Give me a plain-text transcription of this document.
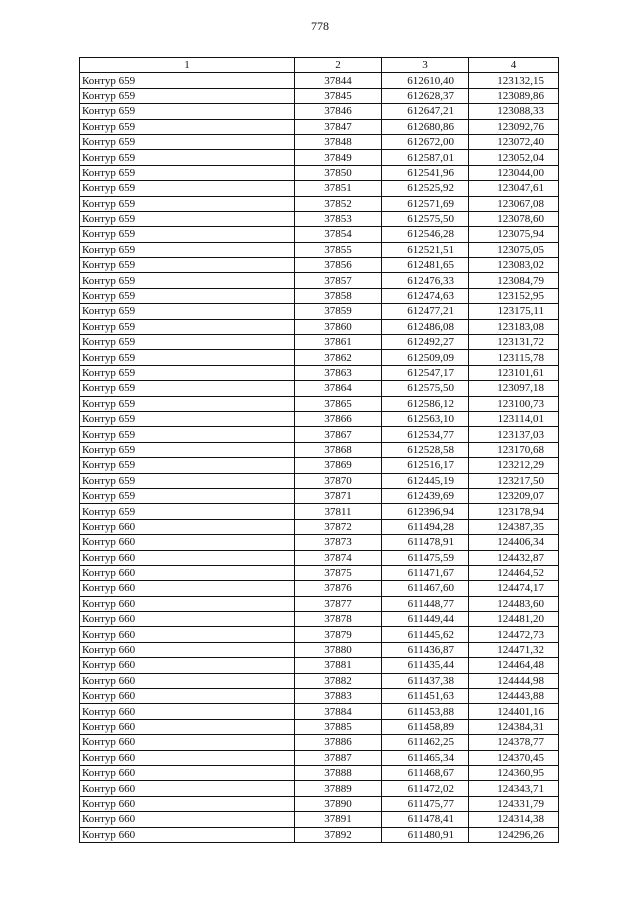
778
1	2	3	4
Контур 659	37844	612610,40	123132,15
Контур 659	37845	612628,37	123089,86
Контур 659	37846	612647,21	123088,33
Контур 659	37847	612680,86	123092,76
Контур 659	37848	612672,00	123072,40
Контур 659	37849	612587,01	123052,04
Контур 659	37850	612541,96	123044,00
Контур 659	37851	612525,92	123047,61
Контур 659	37852	612571,69	123067,08
Контур 659	37853	612575,50	123078,60
Контур 659	37854	612546,28	123075,94
Контур 659	37855	612521,51	123075,05
Контур 659	37856	612481,65	123083,02
Контур 659	37857	612476,33	123084,79
Контур 659	37858	612474,63	123152,95
Контур 659	37859	612477,21	123175,11
Контур 659	37860	612486,08	123183,08
Контур 659	37861	612492,27	123131,72
Контур 659	37862	612509,09	123115,78
Контур 659	37863	612547,17	123101,61
Контур 659	37864	612575,50	123097,18
Контур 659	37865	612586,12	123100,73
Контур 659	37866	612563,10	123114,01
Контур 659	37867	612534,77	123137,03
Контур 659	37868	612528,58	123170,68
Контур 659	37869	612516,17	123212,29
Контур 659	37870	612445,19	123217,50
Контур 659	37871	612439,69	123209,07
Контур 659	37811	612396,94	123178,94
Контур 660	37872	611494,28	124387,35
Контур 660	37873	611478,91	124406,34
Контур 660	37874	611475,59	124432,87
Контур 660	37875	611471,67	124464,52
Контур 660	37876	611467,60	124474,17
Контур 660	37877	611448,77	124483,60
Контур 660	37878	611449,44	124481,20
Контур 660	37879	611445,62	124472,73
Контур 660	37880	611436,87	124471,32
Контур 660	37881	611435,44	124464,48
Контур 660	37882	611437,38	124444,98
Контур 660	37883	611451,63	124443,88
Контур 660	37884	611453,88	124401,16
Контур 660	37885	611458,89	124384,31
Контур 660	37886	611462,25	124378,77
Контур 660	37887	611465,34	124370,45
Контур 660	37888	611468,67	124360,95
Контур 660	37889	611472,02	124343,71
Контур 660	37890	611475,77	124331,79
Контур 660	37891	611478,41	124314,38
Контур 660	37892	611480,91	124296,26
